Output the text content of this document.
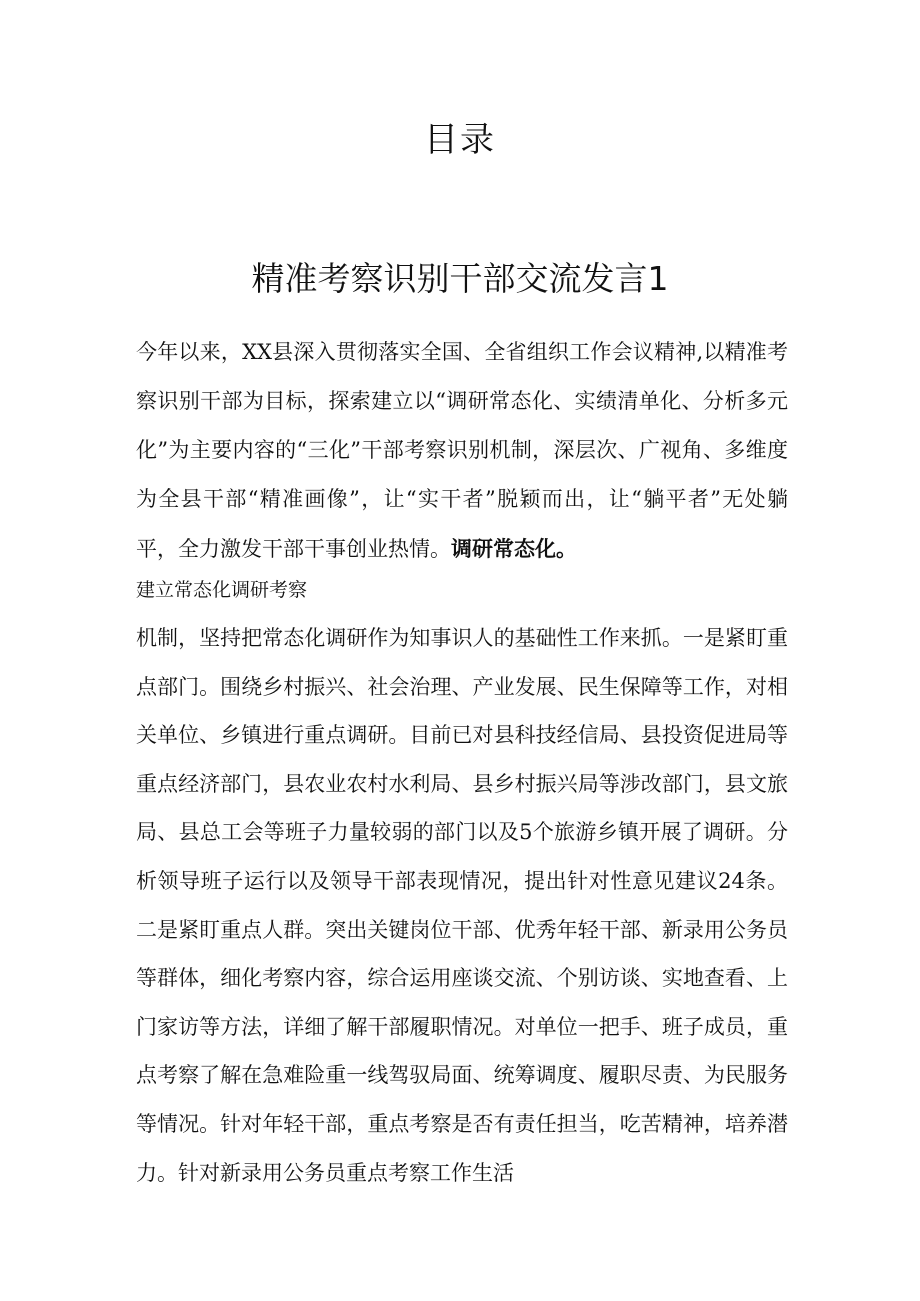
目录
精准考察识别干部交流发言1

今年以来，XX县深入贯彻落实全国、全省组织工作会议精神,以精准考察识别干部为目标，探索建立以“调研常态化、实绩清单化、分析多元化”为主要内容的“三化”干部考察识别机制，深层次、广视角、多维度为全县干部“精准画像”，让“实干者”脱颖而出，让“躺平者”无处躺平，全力激发干部干事创业热情。调研常态化。

建立常态化调研考察

机制，坚持把常态化调研作为知事识人的基础性工作来抓。一是紧盯重点部门。围绕乡村振兴、社会治理、产业发展、民生保障等工作，对相关单位、乡镇进行重点调研。目前已对县科技经信局、县投资促进局等重点经济部门，县农业农村水利局、县乡村振兴局等涉改部门，县文旅局、县总工会等班子力量较弱的部门以及5个旅游乡镇开展了调研。分析领导班子运行以及领导干部表现情况，提出针对性意见建议24条。二是紧盯重点人群。突出关键岗位干部、优秀年轻干部、新录用公务员等群体，细化考察内容，综合运用座谈交流、个别访谈、实地查看、上门家访等方法，详细了解干部履职情况。对单位一把手、班子成员，重点考察了解在急难险重一线驾驭局面、统筹调度、履职尽责、为民服务等情况。针对年轻干部，重点考察是否有责任担当，吃苦精神，培养潜力。针对新录用公务员重点考察工作生活
